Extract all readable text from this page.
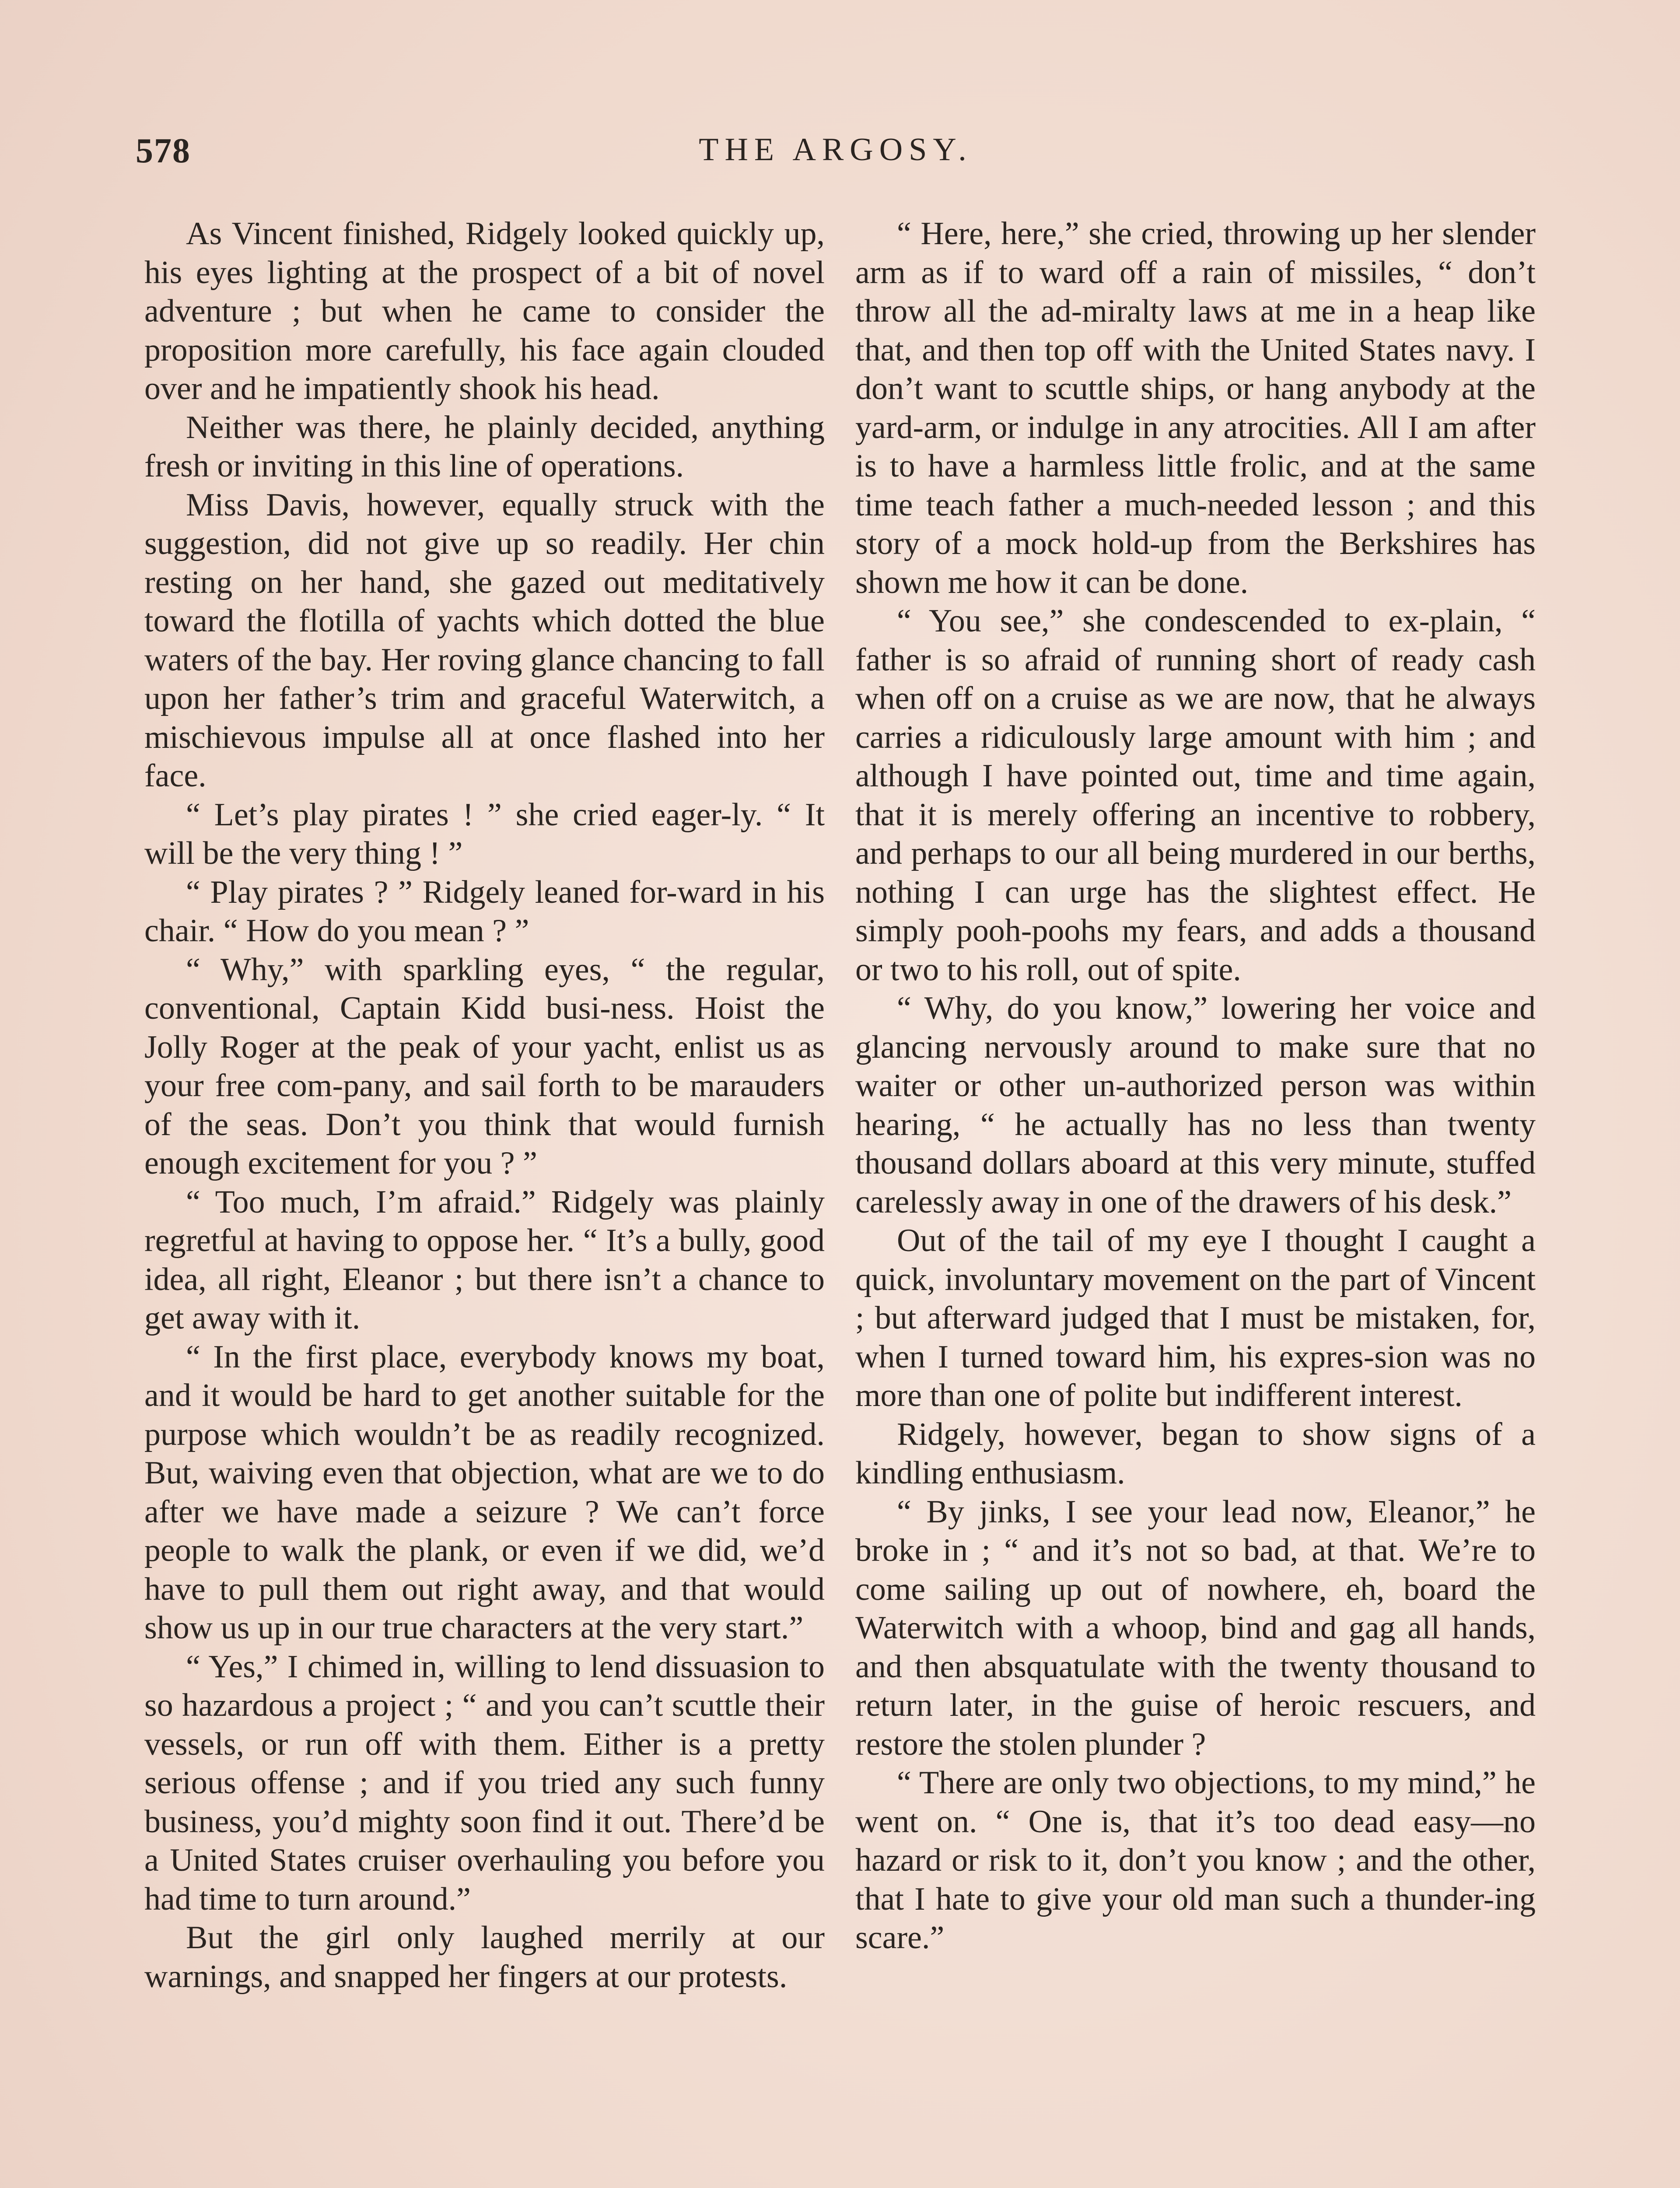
578	THE ARGOSY.

As Vincent finished, Ridgely looked quickly up, his eyes lighting at the prospect of a bit of novel adventure ; but when he came to consider the proposition more carefully, his face again clouded over and he impatiently shook his head.

Neither was there, he plainly decided, anything fresh or inviting in this line of operations.

Miss Davis, however, equally struck with the suggestion, did not give up so readily. Her chin resting on her hand, she gazed out meditatively toward the flotilla of yachts which dotted the blue waters of the bay. Her roving glance chancing to fall upon her father’s trim and graceful Waterwitch, a mischievous impulse all at once flashed into her face.

“ Let’s play pirates ! ” she cried eager-ly. “ It will be the very thing ! ”

“ Play pirates ? ” Ridgely leaned for-ward in his chair. “ How do you mean ? ”

“ Why,” with sparkling eyes, “ the regular, conventional, Captain Kidd busi-ness. Hoist the Jolly Roger at the peak of your yacht, enlist us as your free com-pany, and sail forth to be marauders of the seas. Don’t you think that would furnish enough excitement for you ? ”

“ Too much, I’m afraid.” Ridgely was plainly regretful at having to oppose her. “ It’s a bully, good idea, all right, Eleanor ; but there isn’t a chance to get away with it.

“ In the first place, everybody knows my boat, and it would be hard to get another suitable for the purpose which wouldn’t be as readily recognized. But, waiving even that objection, what are we to do after we have made a seizure ? We can’t force people to walk the plank, or even if we did, we’d have to pull them out right away, and that would show us up in our true characters at the very start.”

“ Yes,” I chimed in, willing to lend dissuasion to so hazardous a project ; “ and you can’t scuttle their vessels, or run off with them. Either is a pretty serious offense ; and if you tried any such funny business, you’d mighty soon find it out. There’d be a United States cruiser overhauling you before you had time to turn around.”

But the girl only laughed merrily at our warnings, and snapped her fingers at our protests.

“ Here, here,” she cried, throwing up her slender arm as if to ward off a rain of missiles, “ don’t throw all the ad-miralty laws at me in a heap like that, and then top off with the United States navy. I don’t want to scuttle ships, or hang anybody at the yard-arm, or indulge in any atrocities. All I am after is to have a harmless little frolic, and at the same time teach father a much-needed lesson ; and this story of a mock hold-up from the Berkshires has shown me how it can be done.

“ You see,” she condescended to ex-plain, “ father is so afraid of running short of ready cash when off on a cruise as we are now, that he always carries a ridiculously large amount with him ; and although I have pointed out, time and time again, that it is merely offering an incentive to robbery, and perhaps to our all being murdered in our berths, nothing I can urge has the slightest effect. He simply pooh-poohs my fears, and adds a thousand or two to his roll, out of spite.

“ Why, do you know,” lowering her voice and glancing nervously around to make sure that no waiter or other un-authorized person was within hearing, “ he actually has no less than twenty thousand dollars aboard at this very minute, stuffed carelessly away in one of the drawers of his desk.”

Out of the tail of my eye I thought I caught a quick, involuntary movement on the part of Vincent ; but afterward judged that I must be mistaken, for, when I turned toward him, his expres-sion was no more than one of polite but indifferent interest.

Ridgely, however, began to show signs of a kindling enthusiasm.

“ By jinks, I see your lead now, Eleanor,” he broke in ; “ and it’s not so bad, at that. We’re to come sailing up out of nowhere, eh, board the Waterwitch with a whoop, bind and gag all hands, and then absquatulate with the twenty thousand to return later, in the guise of heroic rescuers, and restore the stolen plunder ?

“ There are only two objections, to my mind,” he went on. “ One is, that it’s too dead easy—no hazard or risk to it, don’t you know ; and the other, that I hate to give your old man such a thunder-ing scare.”
